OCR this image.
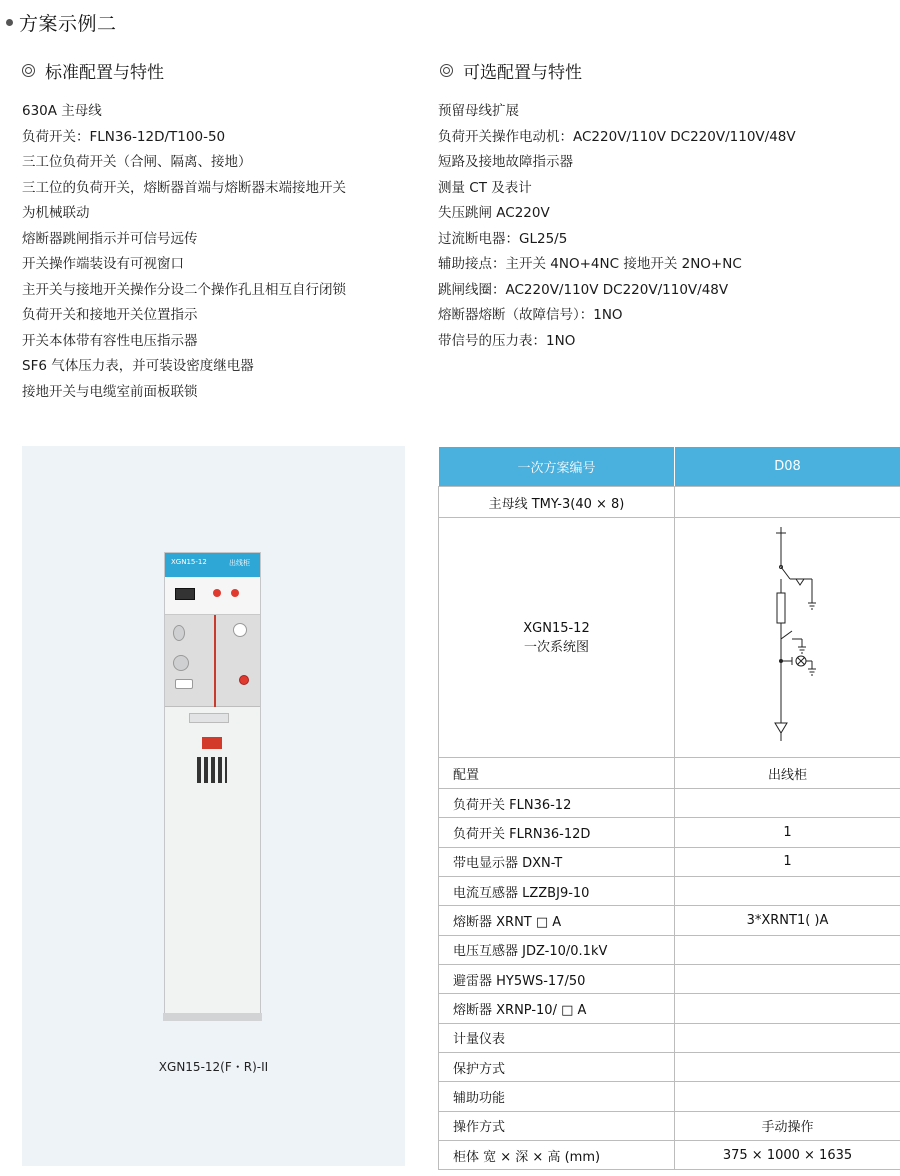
方案示例二
标准配置与特性	可选配置与特性
630A 主母线
负荷开关：FLN36-12D/T100-50
三工位负荷开关（合闸、隔离、接地）
三工位的负荷开关，熔断器首端与熔断器末端接地开关
为机械联动
熔断器跳闸指示并可信号远传
开关操作端装设有可视窗口
主开关与接地开关操作分设二个操作孔且相互自行闭锁
负荷开关和接地开关位置指示
开关本体带有容性电压指示器
SF6 气体压力表，并可装设密度继电器
接地开关与电缆室前面板联锁
预留母线扩展
负荷开关操作电动机：AC220V/110V DC220V/110V/48V
短路及接地故障指示器
测量 CT 及表计
失压跳闸 AC220V
过流断电器：GL25/5
辅助接点：主开关 4NO+4NC 接地开关 2NO+NC
跳闸线圈：AC220V/110V DC220V/110V/48V
熔断器熔断（故障信号）：1NO
带信号的压力表：1NO
XGN15-12	出线柜
XGN15-12(F・R)-II
一次方案编号	D08
主母线 TMY-3(40 × 8)	

XGN15-12
一次系统图

配置	出线柜
负荷开关 FLN36-12	
负荷开关 FLRN36-12D	1
带电显示器 DXN-T	1
电流互感器 LZZBJ9-10	
熔断器 XRNT □ A	3*XRNT1( )A
电压互感器 JDZ-10/0.1kV	
避雷器 HY5WS-17/50	
熔断器 XRNP-10/ □ A	
计量仪表	
保护方式	
辅助功能	
操作方式	手动操作
柜体 宽 × 深 × 高 (mm)	375 × 1000 × 1635
